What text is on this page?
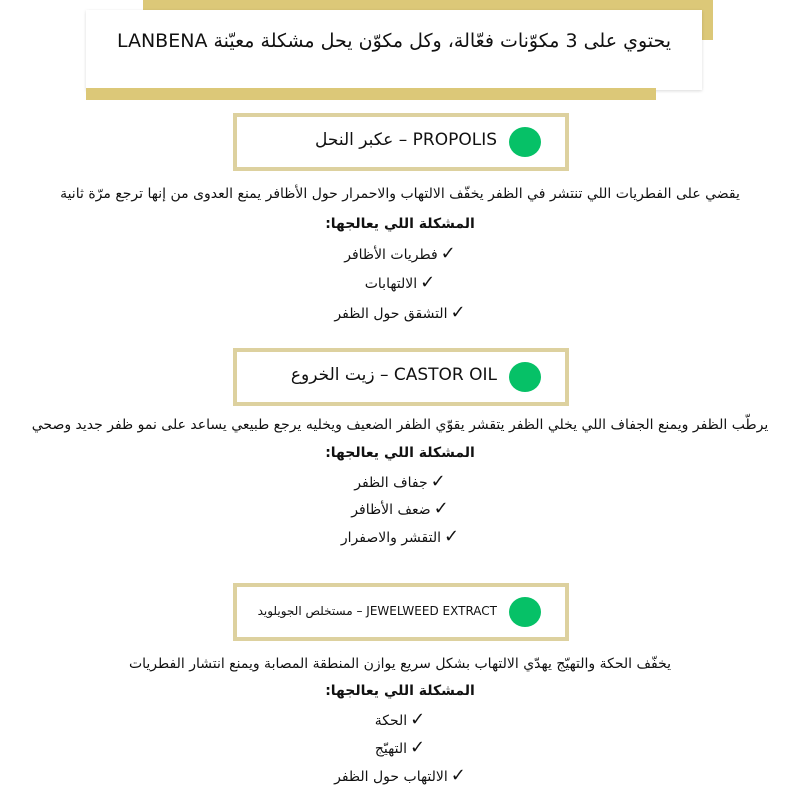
يحتوي على 3 مكوّنات فعّالة، وكل مكوّن يحل مشكلة معيّنة LANBENA
PROPOLIS – عكبر النحل
يقضي على الفطريات اللي تنتشر في الظفر يخفّف الالتهاب والاحمرار حول الأظافر يمنع العدوى من إنها ترجع مرّة ثانية
المشكلة اللي يعالجها:
✓فطريات الأظافر
✓الالتهابات
✓التشقق حول الظفر
CASTOR OIL – زيت الخروع
يرطّب الظفر ويمنع الجفاف اللي يخلي الظفر يتقشر يقوّي الظفر الضعيف ويخليه يرجع طبيعي يساعد على نمو ظفر جديد وصحي
المشكلة اللي يعالجها:
✓جفاف الظفر
✓ضعف الأظافر
✓التقشر والاصفرار
JEWELWEED EXTRACT – مستخلص الجويلويد
يخفّف الحكة والتهيّج يهدّي الالتهاب بشكل سريع يوازن المنطقة المصابة ويمنع انتشار الفطريات
المشكلة اللي يعالجها:
✓الحكة
✓التهيّج
✓الالتهاب حول الظفر
